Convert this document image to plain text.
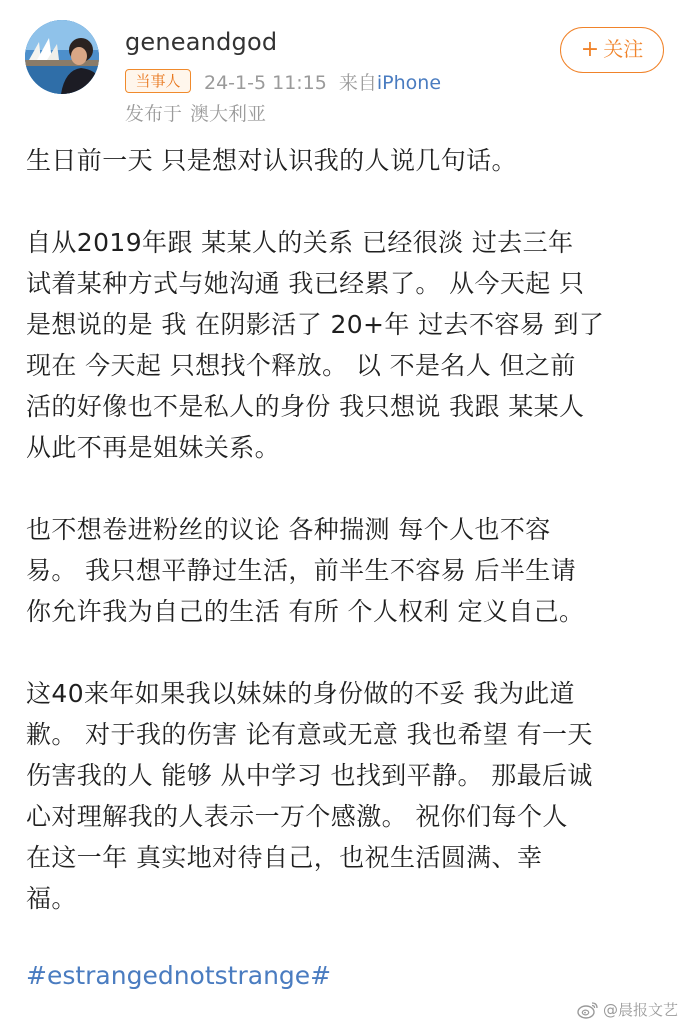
geneandgod
当事人	24-1-5 11:15 来自iPhone
发布于 澳大利亚
+ 关注

生日前一天 只是想对认识我的人说几句话。

自从2019年跟 某某人的关系 已经很淡 过去三年
试着某种方式与她沟通 我已经累了。 从今天起 只
是想说的是 我 在阴影活了 20+年 过去不容易 到了
现在 今天起 只想找个释放。 以 不是名人 但之前
活的好像也不是私人的身份 我只想说 我跟 某某人
从此不再是姐妹关系。

也不想卷进粉丝的议论 各种揣测 每个人也不容
易。 我只想平静过生活，前半生不容易 后半生请
你允许我为自己的生活 有所 个人权利 定义自己。

这40来年如果我以妹妹的身份做的不妥 我为此道
歉。 对于我的伤害 论有意或无意 我也希望 有一天
伤害我的人 能够 从中学习 也找到平静。 那最后诚
心对理解我的人表示一万个感激。 祝你们每个人
在这一年 真实地对待自己，也祝生活圆满、幸
福。

#estrangednotstrange#
@晨报文艺
